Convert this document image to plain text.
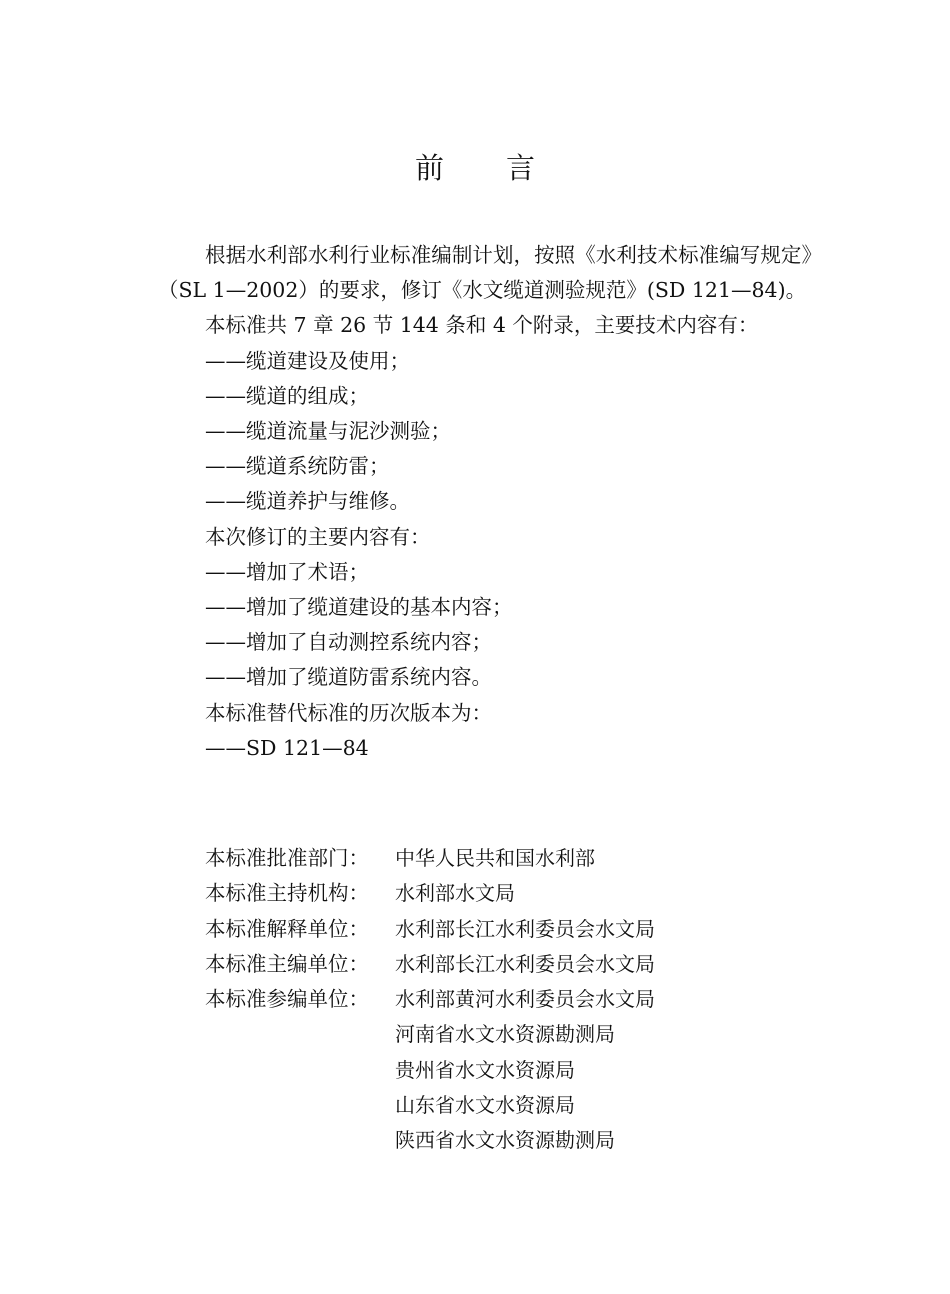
前言

根据水利部水利行业标准编制计划，按照《水利技术标准编写规定》 （SL 1—2002）的要求，修订《水文缆道测验规范》(SD 121—84)。

本标准共 7 章 26 节 144 条和 4 个附录，主要技术内容有：

——缆道建设及使用；

——缆道的组成；

——缆道流量与泥沙测验；

——缆道系统防雷；

——缆道养护与维修。

本次修订的主要内容有：

——增加了术语；

——增加了缆道建设的基本内容；

——增加了自动测控系统内容；

——增加了缆道防雷系统内容。

本标准替代标准的历次版本为：

——SD 121—84

本标准批准部门：	中华人民共和国水利部
本标准主持机构：	水利部水文局
本标准解释单位：	水利部长江水利委员会水文局
本标准主编单位：	水利部长江水利委员会水文局
本标准参编单位：	水利部黄河水利委员会水文局
河南省水文水资源勘测局
贵州省水文水资源局
山东省水文水资源局
陕西省水文水资源勘测局
